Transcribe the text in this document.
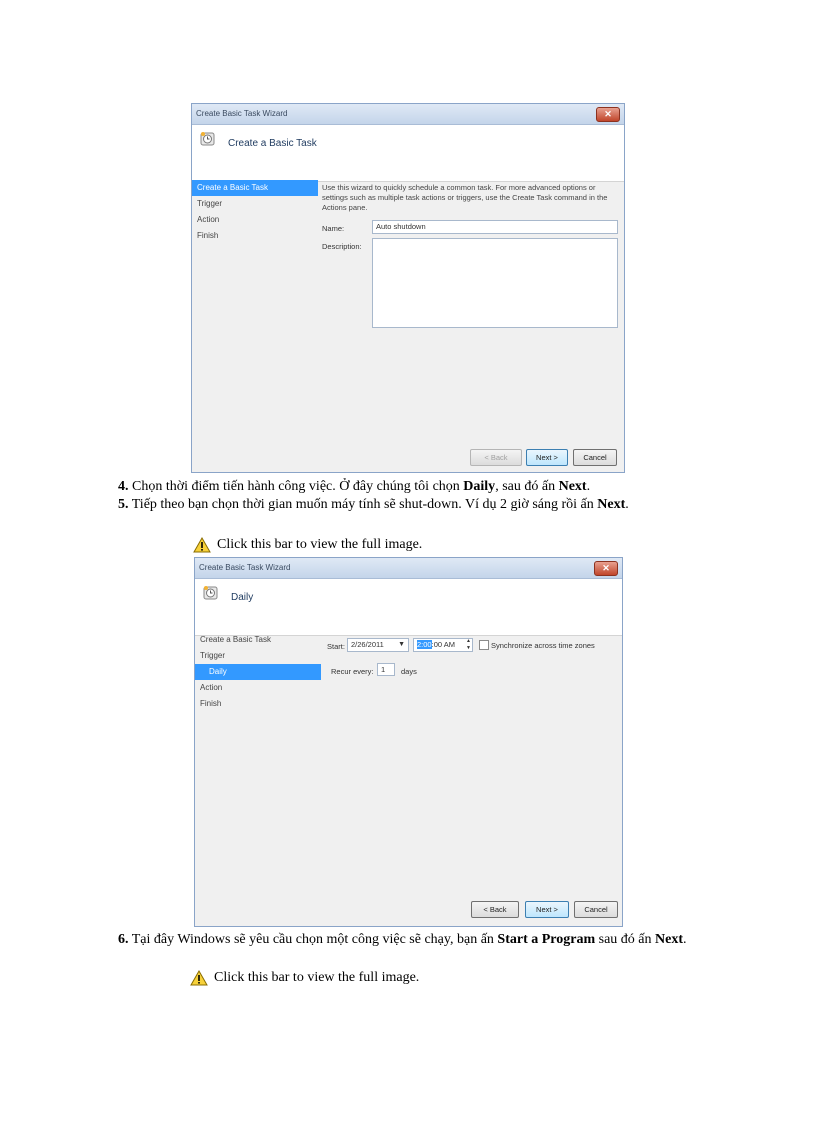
Create Basic Task Wizard	✕
Create a Basic Task
Create a Basic Task
Trigger
Action
Finish
Use this wizard to quickly schedule a common task. For more advanced options or settings such as multiple task actions or triggers, use the Create Task command in the Actions pane.
Name:	Auto shutdown
Description:
< Back	Next >	Cancel
4. Chọn thời điểm tiến hành công việc. Ở đây chúng tôi chọn Daily, sau đó ấn Next.
5. Tiếp theo bạn chọn thời gian muốn máy tính sẽ shut-down. Ví dụ 2 giờ sáng rồi ấn Next.
Click this bar to view the full image.
Create Basic Task Wizard	✕
Daily
Create a Basic Task
Trigger
Daily
Action
Finish
Start: 2/26/2011 ▼	2:00:00 AM ▲
▼	Synchronize across time zones
Recur every: 1	days
< Back	Next >	Cancel
6. Tại đây Windows sẽ yêu cầu chọn một công việc sẽ chạy, bạn ấn Start a Program sau đó ấn Next.
Click this bar to view the full image.
